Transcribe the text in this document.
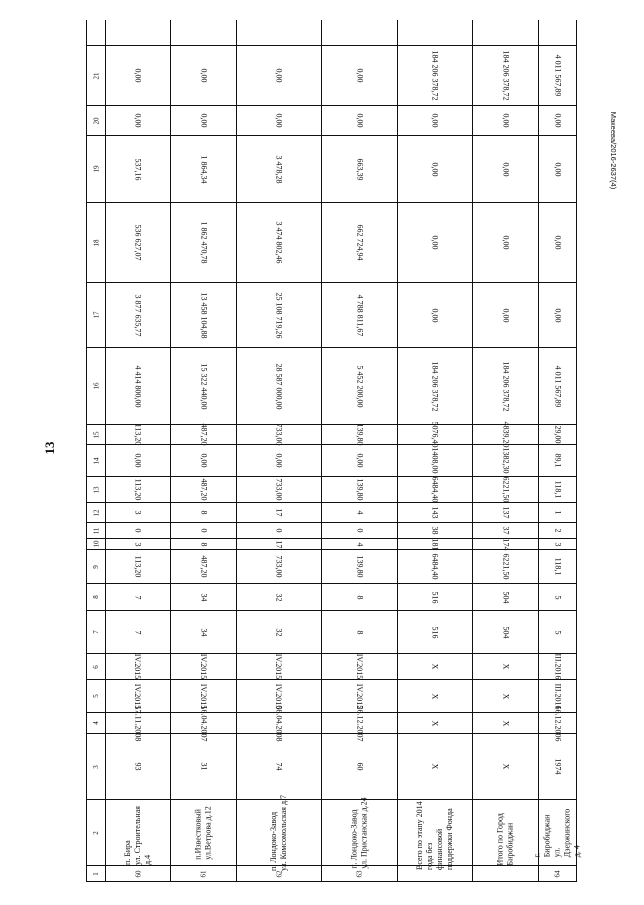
13
Макеева/2016-2637(4)
1
2
3
4
5
6
7
8
9
10
11
12
13
14
15
16
17
18
19
20
21
60
п. Бира
ул. Строительная д.4
93
17.11.2008
IV.2015
IV.2015
7
7
113,20
3
0
3
113,20
0,00
113,20
4 414 800,00
3 877 635,77
536 627,07
537,16
0,00
0,00
61
п.Известковый
ул.Ветрова д.12
31
16.04.2007
IV.2015
IV.2015
34
34
487,20
8
0
8
487,20
0,00
487,20
15 322 440,00
13 458 104,88
1 862 470,78
1 864,34
0,00
0,00
62
п. Лондоко-Завод
ул. Комсомольская д.7
74
08.04.2008
IV.2015
IV.2015
32
32
733,00
17
0
17
733,00
0,00
733,00
28 587 000,00
25 108 719,26
3 474 802,46
3 478,28
0,00
0,00
63
п. Лондоко-Завод
ул. Пристанская д.24
60
26.12.2007
IV.2015
IV.2015
8
8
139,80
4
0
4
139,80
0,00
139,80
5 452 200,00
4 788 811,67
662 724,94
663,39
0,00
0,00
Всего по этапу 2014 года без
финансовой поддержки Фонда
X
X
X
X
516
516
6484,40
181
38
143
6484,40
1408,00
5076,40
184 206 378,72
0,00
0,00
0,00
0,00
184 206 378,72
Итого по Город Биробиджан
X
X
X
X
504
504
6221,50
174
37
137
6221,50
1382,30
4839,20
184 206 378,72
0,00
0,00
0,00
0,00
184 206 378,72
64
г. Биробиджан
ул. Дзержинского д. 4
1974
16.12.2006
III.2016
III.2016
5
5
118,1
3
2
1
118,1
89,1
29,00
4 011 567,89
0,00
0,00
0,00
0,00
4 011 567,89
